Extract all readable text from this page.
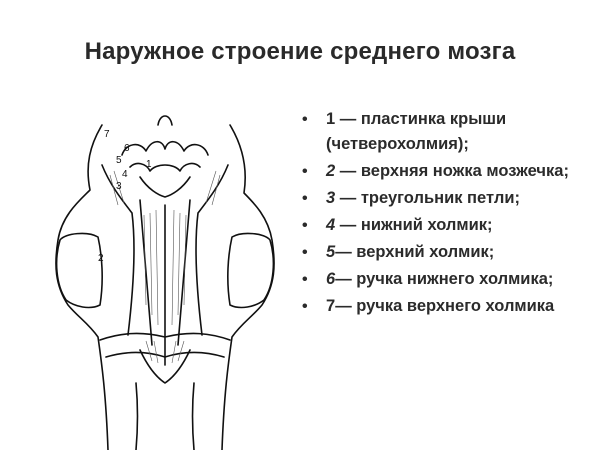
Наружное строение среднего мозга
7
6
5 1
4
3
2
• 1 — пластинка крыши (четверохолмия);
• 2 — верхняя ножка мозжечка;
• 3 — треугольник петли;
• 4 — нижний холмик;
• 5— верхний холмик;
• 6— ручка нижнего холмика;
• 7— ручка верхнего холмика
